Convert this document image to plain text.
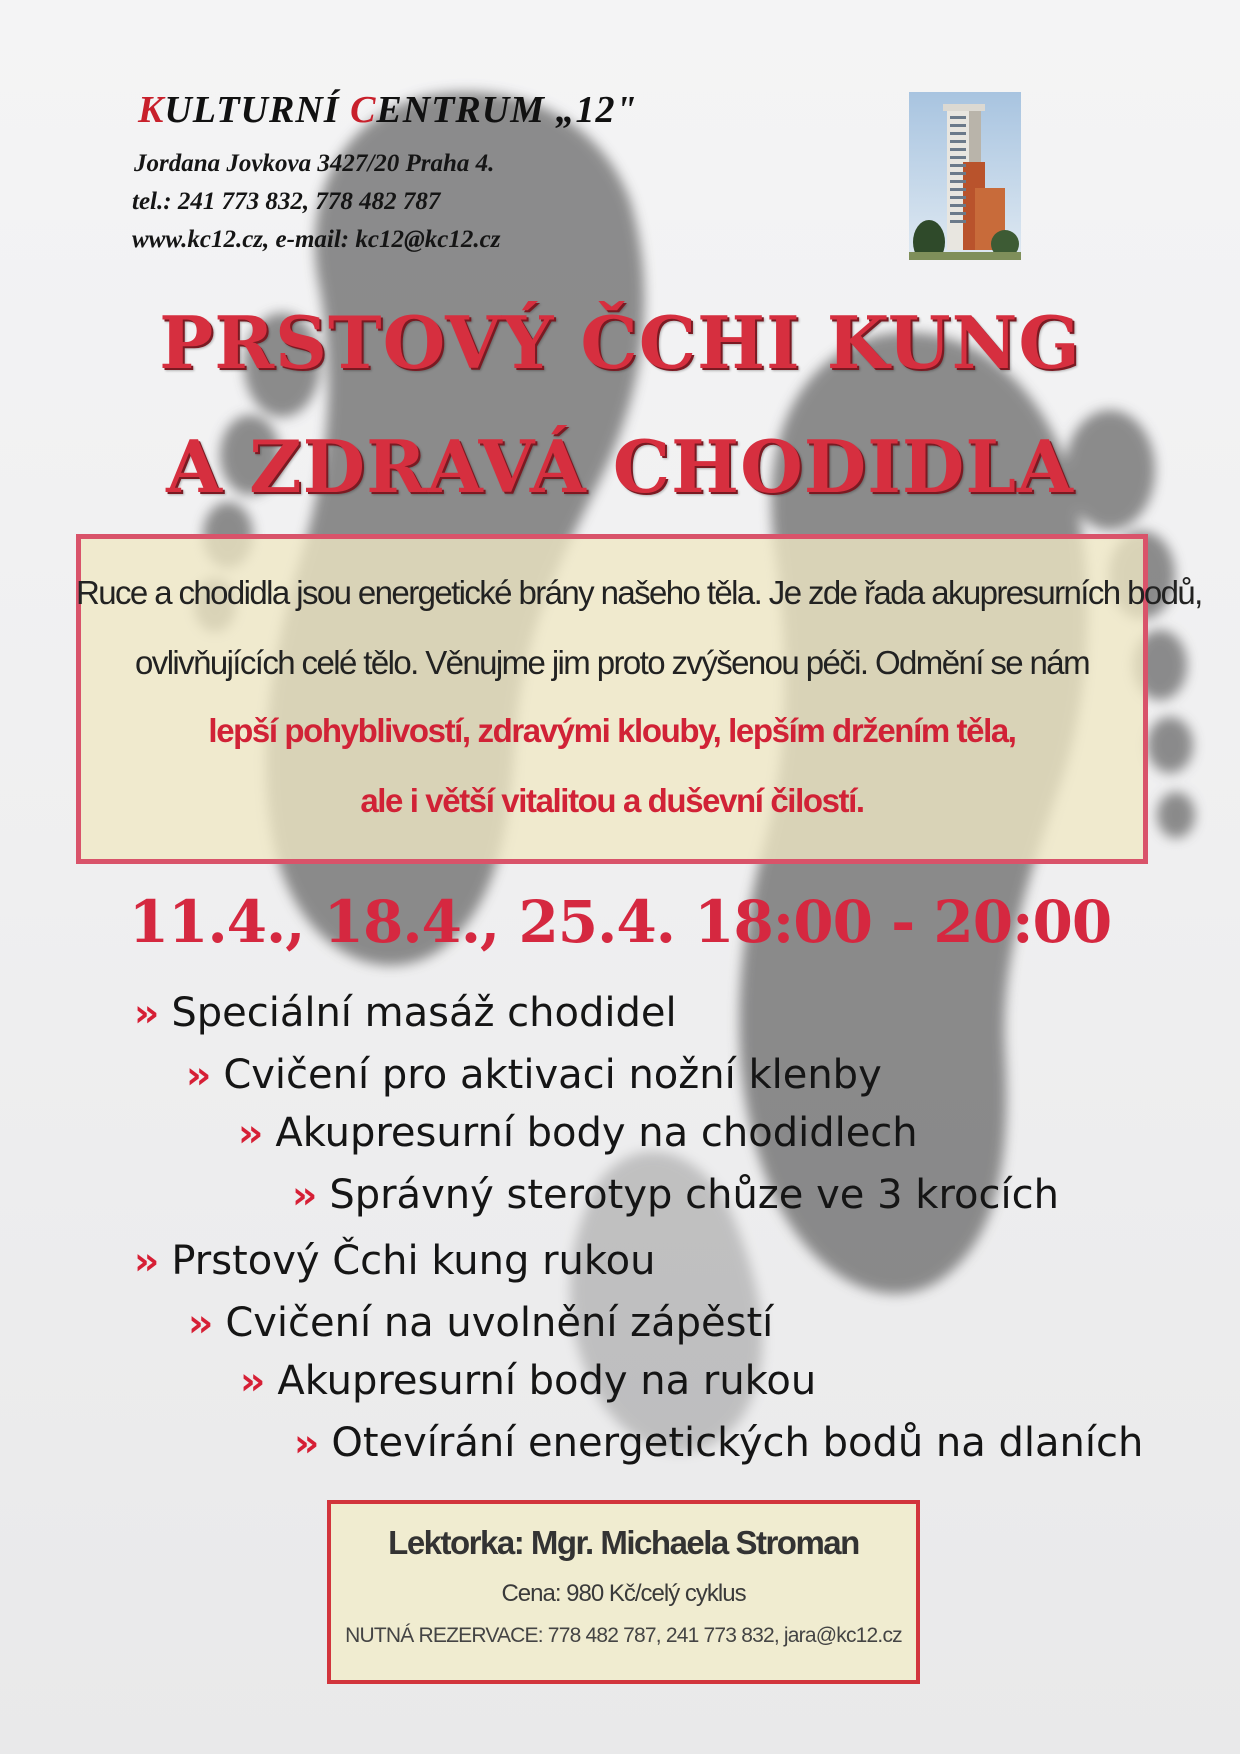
KULTURNÍ CENTRUM „12"
Jordana Jovkova 3427/20 Praha 4.
tel.: 241 773 832, 778 482 787
www.kc12.cz, e-mail: kc12@kc12.cz
PRSTOVÝ ČCHI KUNG
A ZDRAVÁ CHODIDLA
Ruce a chodidla jsou energetické brány našeho těla. Je zde řada akupresurních bodů,
ovlivňujících celé tělo. Věnujme jim proto zvýšenou péči. Odmění se nám
lepší pohyblivostí, zdravými klouby, lepším držením těla,
ale i větší vitalitou a duševní čilostí.
11.4., 18.4., 25.4. 18:00 - 20:00
›› Speciální masáž chodidel
›› Cvičení pro aktivaci nožní klenby
›› Akupresurní body na chodidlech
›› Správný sterotyp chůze ve 3 krocích
›› Prstový Čchi kung rukou
›› Cvičení na uvolnění zápěstí
›› Akupresurní body na rukou
›› Otevírání energetických bodů na dlaních
Lektorka: Mgr. Michaela Stroman
Cena: 980 Kč/celý cyklus
NUTNÁ REZERVACE: 778 482 787, 241 773 832, jara@kc12.cz
